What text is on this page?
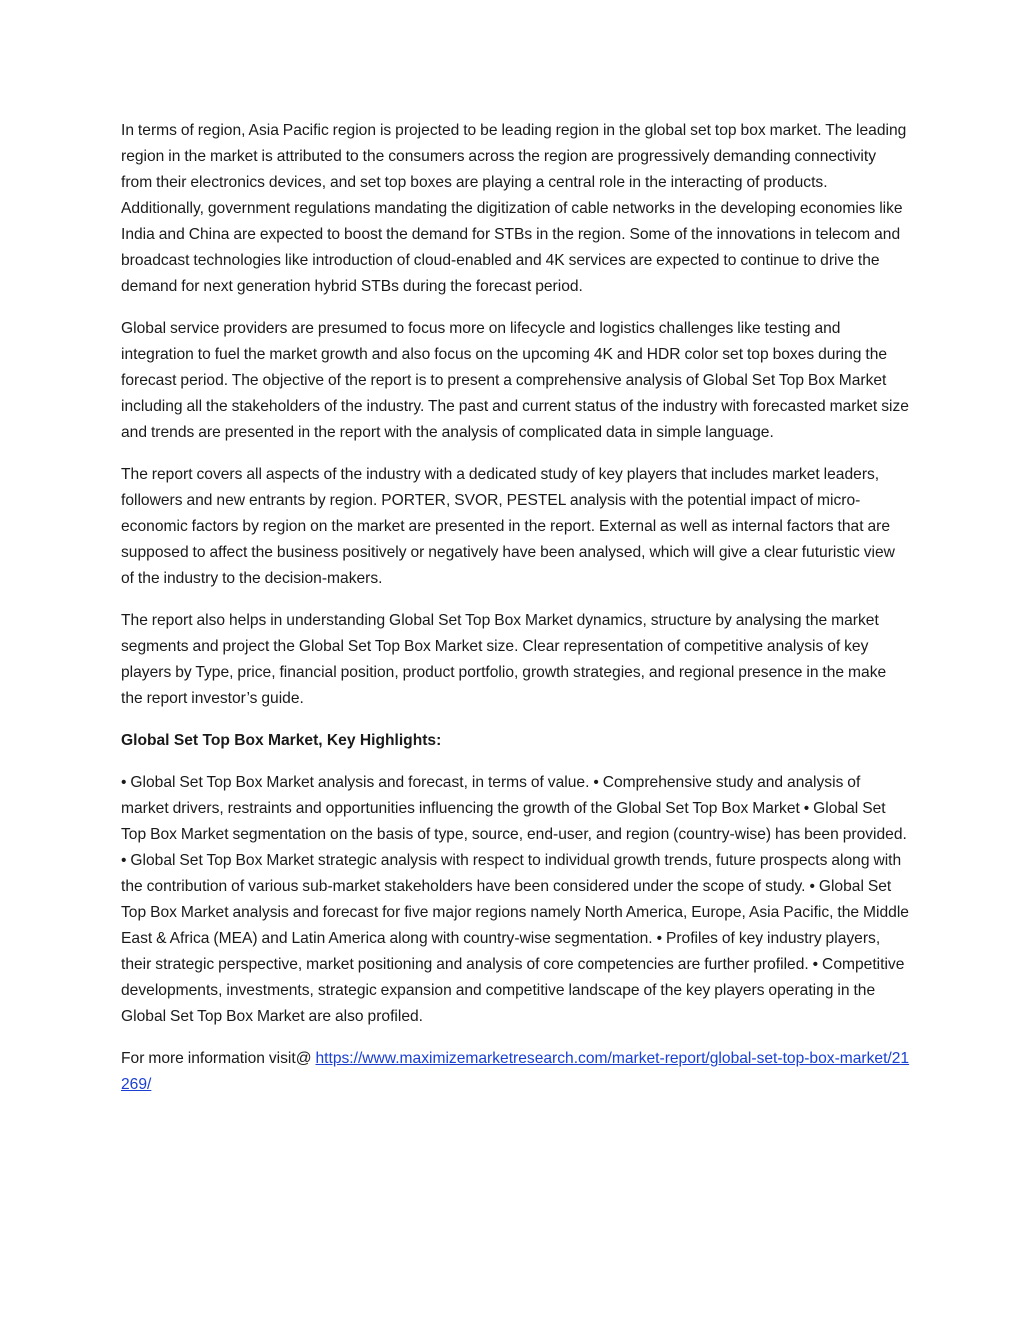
In terms of region, Asia Pacific region is projected to be leading region in the global set top box market. The leading region in the market is attributed to the consumers across the region are progressively demanding connectivity from their electronics devices, and set top boxes are playing a central role in the interacting of products. Additionally, government regulations mandating the digitization of cable networks in the developing economies like India and China are expected to boost the demand for STBs in the region. Some of the innovations in telecom and broadcast technologies like introduction of cloud-enabled and 4K services are expected to continue to drive the demand for next generation hybrid STBs during the forecast period.

Global service providers are presumed to focus more on lifecycle and logistics challenges like testing and integration to fuel the market growth and also focus on the upcoming 4K and HDR color set top boxes during the forecast period. The objective of the report is to present a comprehensive analysis of Global Set Top Box Market including all the stakeholders of the industry. The past and current status of the industry with forecasted market size and trends are presented in the report with the analysis of complicated data in simple language.

The report covers all aspects of the industry with a dedicated study of key players that includes market leaders, followers and new entrants by region. PORTER, SVOR, PESTEL analysis with the potential impact of micro-economic factors by region on the market are presented in the report. External as well as internal factors that are supposed to affect the business positively or negatively have been analysed, which will give a clear futuristic view of the industry to the decision-makers.

The report also helps in understanding Global Set Top Box Market dynamics, structure by analysing the market segments and project the Global Set Top Box Market size. Clear representation of competitive analysis of key players by Type, price, financial position, product portfolio, growth strategies, and regional presence in the make the report investor’s guide.

Global Set Top Box Market, Key Highlights:

• Global Set Top Box Market analysis and forecast, in terms of value. • Comprehensive study and analysis of market drivers, restraints and opportunities influencing the growth of the Global Set Top Box Market • Global Set Top Box Market segmentation on the basis of type, source, end-user, and region (country-wise) has been provided. • Global Set Top Box Market strategic analysis with respect to individual growth trends, future prospects along with the contribution of various sub-market stakeholders have been considered under the scope of study. • Global Set Top Box Market analysis and forecast for five major regions namely North America, Europe, Asia Pacific, the Middle East & Africa (MEA) and Latin America along with country-wise segmentation. • Profiles of key industry players, their strategic perspective, market positioning and analysis of core competencies are further profiled. • Competitive developments, investments, strategic expansion and competitive landscape of the key players operating in the Global Set Top Box Market are also profiled.

For more information visit@ https://www.maximizemarketresearch.com/market-report/global-set-top-box-market/21269/
